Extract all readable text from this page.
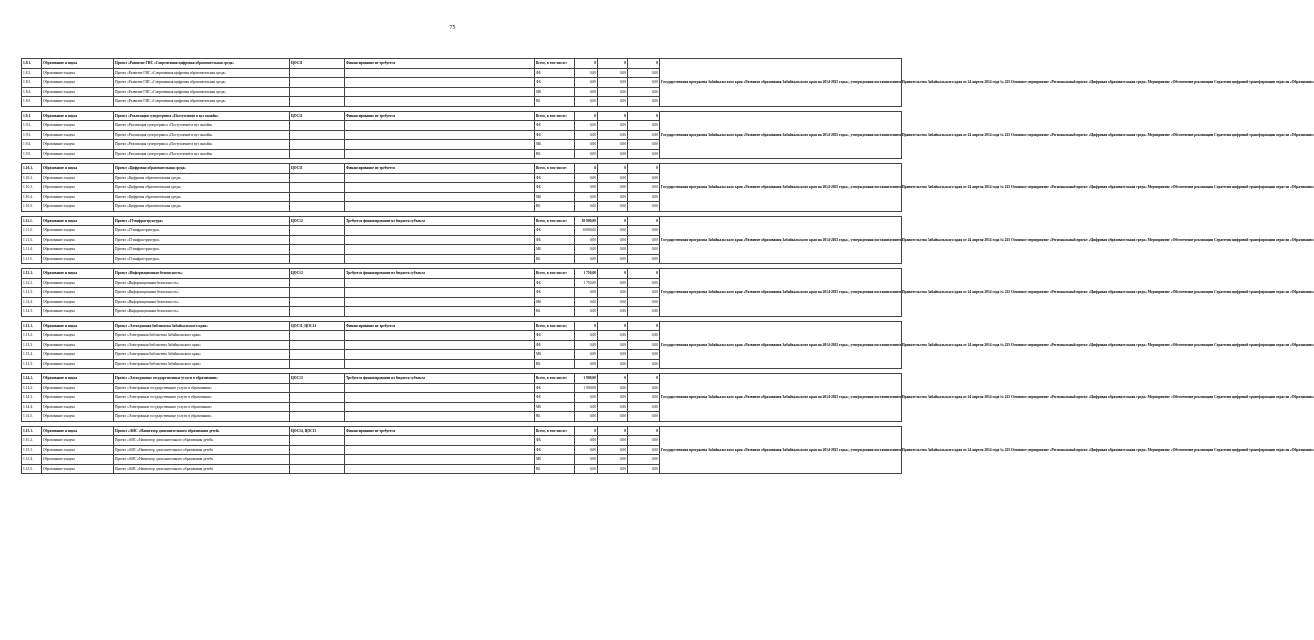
75
1.8.1.	Образование и наука	Проект «Развитие ГИС «Современная цифровая образовательная среда»	ЦОС11	Финансирование не требуется	Всего, в том числе:	0	0	0	Государственная программа Забайкальского края «Развитие образования Забайкальского края на 2014-2025 годы», утвержденная постановлением Правительства Забайкальского края от 24 апреля 2014 года № 225 Основное мероприятие «Региональный проект «Цифровая образовательная среда» Мероприятие «Обеспечение реализации Стратегии цифровой трансформации отрасли «Образование»
1.8.2.	Образование и наука	Проект «Развитие ГИС «Современная цифровая образовательная среда»			ФБ	0,00	0,00	0,00	
1.8.3.	Образование и наука	Проект «Развитие ГИС «Современная цифровая образовательная среда»			ФБ	0,00	0,00	0,00	
1.8.4.	Образование и наука	Проект «Развитие ГИС «Современная цифровая образовательная среда»			МБ	0,00	0,00	0,00	
1.8.5.	Образование и наука	Проект «Развитие ГИС «Современная цифровая образовательная среда»			ВБ	0,00	0,00	0,00	

1.9.1.	Образование и наука	Проект «Реализация суперсервиса «Поступление в вуз онлайн»	ЦОС11	Финансирование не требуется	Всего, в том числе:	0	0	0	Государственная программа Забайкальского края «Развитие образования Забайкальского края на 2014-2025 годы», утвержденная постановлением Правительства Забайкальского края от 24 апреля 2014 года № 225 Основное мероприятие «Региональный проект «Цифровая образовательная среда» Мероприятие «Обеспечение реализации Стратегии цифровой трансформации отрасли «Образование»
1.9.2.	Образование и наука	Проект «Реализация суперсервиса «Поступление в вуз онлайн»			ФБ	0,00	0,00	0,00	
1.9.3.	Образование и наука	Проект «Реализация суперсервиса «Поступление в вуз онлайн»			ФБ	0,00	0,00	0,00	
1.9.4.	Образование и наука	Проект «Реализация суперсервиса «Поступление в вуз онлайн»			МБ	0,00	0,00	0,00	
1.9.5.	Образование и наука	Проект «Реализация суперсервиса «Поступление в вуз онлайн»			ВБ	0,00	0,00	0,00	

1.10.1.	Образование и наука	Проект «Цифровая образовательная среда»	ЦОС11	Финансирование не требуется	Всего, в том числе:	0	0	0	Государственная программа Забайкальского края «Развитие образования Забайкальского края на 2014-2025 годы», утвержденная постановлением Правительства Забайкальского края от 24 апреля 2014 года № 225 Основное мероприятие «Региональный проект «Цифровая образовательная среда» Мероприятие «Обеспечение реализации Стратегии цифровой трансформации отрасли «Образование»
1.10.2.	Образование и наука	Проект «Цифровая образовательная среда»			ФБ	0,00	0,00	0,00	
1.10.3.	Образование и наука	Проект «Цифровая образовательная среда»			ФБ	0,00	0,00	0,00	
1.10.4.	Образование и наука	Проект «Цифровая образовательная среда»			МБ	0,00	0,00	0,00	
1.10.5.	Образование и наука	Проект «Цифровая образовательная среда»			ВБ	0,00	0,00	0,00	

1.11.1.	Образование и наука	Проект «IT-инфраструктура»	ЦОС12	Требуется финансирование из бюджета субъекта	Всего, в том числе:	10 000,00	0	0	Государственная программа Забайкальского края «Развитие образования Забайкальского края на 2014-2025 годы», утвержденная постановлением Правительства Забайкальского края от 24 апреля 2014 года № 225 Основное мероприятие «Региональный проект «Цифровая образовательная среда» Мероприятие «Обеспечение реализации Стратегии цифровой трансформации отрасли «Образование»
1.11.2.	Образование и наука	Проект «IT-инфраструктура»			ФБ	10000,00	0,00	0,00	
1.11.3.	Образование и наука	Проект «IT-инфраструктура»			ФБ	0,00	0,00	0,00	
1.11.4.	Образование и наука	Проект «IT-инфраструктура»			МБ	0,00	0,00	0,00	
1.11.5.	Образование и наука	Проект «IT-инфраструктура»			ВБ	0,00	0,00	0,00	

1.12.1.	Образование и наука	Проект «Информационная безопасность»	ЦОС12	Требуется финансирование из бюджета субъекта	Всего, в том числе:	1 750,00	0	0	Государственная программа Забайкальского края «Развитие образования Забайкальского края на 2014-2025 годы», утвержденная постановлением Правительства Забайкальского края от 24 апреля 2014 года № 225 Основное мероприятие «Региональный проект «Цифровая образовательная среда» Мероприятие «Обеспечение реализации Стратегии цифровой трансформации отрасли «Образование»
1.12.2.	Образование и наука	Проект «Информационная безопасность»			ФБ	1 750,00	0,00	0,00	
1.12.3.	Образование и наука	Проект «Информационная безопасность»			ФБ	0,00	0,00	0,00	
1.12.4.	Образование и наука	Проект «Информационная безопасность»			МБ	0,00	0,00	0,00	
1.12.5.	Образование и наука	Проект «Информационная безопасность»			ВБ	0,00	0,00	0,00	

1.13.1.	Образование и наука	Проект «Электронная библиотека Забайкальского края»	ЦОС11, ЦОС12	Финансирование не требуется	Всего, в том числе:	0	0	0	Государственная программа Забайкальского края «Развитие образования Забайкальского края на 2014-2025 годы», утвержденная постановлением Правительства Забайкальского края от 24 апреля 2014 года № 225 Основное мероприятие «Региональный проект «Цифровая образовательная среда» Мероприятие «Обеспечение реализации Стратегии цифровой трансформации отрасли «Образование»
1.13.2.	Образование и наука	Проект «Электронная библиотека Забайкальского края»			ФБ	0,00	0,00	0,00	
1.13.3.	Образование и наука	Проект «Электронная библиотека Забайкальского края»			ФБ	0,00	0,00	0,00	
1.13.4.	Образование и наука	Проект «Электронная библиотека Забайкальского края»			МБ	0,00	0,00	0,00	
1.13.5.	Образование и наука	Проект «Электронная библиотека Забайкальского края»			ВБ	0,00	0,00	0,00	

1.14.1.	Образование и наука	Проект «Электронные государственные услуги в образовании»	ЦОС13	Требуется финансирование из бюджета субъекта	Всего, в том числе:	1 900,00	0	0	Государственная программа Забайкальского края «Развитие образования Забайкальского края на 2014-2025 годы», утвержденная постановлением Правительства Забайкальского края от 24 апреля 2014 года № 225 Основное мероприятие «Региональный проект «Цифровая образовательная среда» Мероприятие «Обеспечение реализации Стратегии цифровой трансформации отрасли «Образование»
1.14.2.	Образование и наука	Проект «Электронные государственные услуги в образовании»			ФБ	1 900,00	0,00	0,00	
1.14.3.	Образование и наука	Проект «Электронные государственные услуги в образовании»			ФБ	0,00	0,00	0,00	
1.14.4.	Образование и наука	Проект «Электронные государственные услуги в образовании»			МБ	0,00	0,00	0,00	
1.14.5.	Образование и наука	Проект «Электронные государственные услуги в образовании»			ВБ	0,00	0,00	0,00	

1.15.1.	Образование и наука	Проект «АИС «Навигатор дополнительного образования детей»	ЦОС14, ЦОС15	Финансирование не требуется	Всего, в том числе:	0	0	0	Государственная программа Забайкальского края «Развитие образования Забайкальского края на 2014-2025 годы», утвержденная постановлением Правительства Забайкальского края от 24 апреля 2014 года № 225 Основное мероприятие «Региональный проект «Цифровая образовательная среда» Мероприятие «Обеспечение реализации Стратегии цифровой трансформации отрасли «Образование»
1.15.2.	Образование и наука	Проект «АИС «Навигатор дополнительного образования детей»			ФБ	0,00	0,00	0,00	
1.15.3.	Образование и наука	Проект «АИС «Навигатор дополнительного образования детей»			ФБ	0,00	0,00	0,00	
1.15.4.	Образование и наука	Проект «АИС «Навигатор дополнительного образования детей»			МБ	0,00	0,00	0,00	
1.15.5.	Образование и наука	Проект «АИС «Навигатор дополнительного образования детей»			ВБ	0,00	0,00	0,00	
